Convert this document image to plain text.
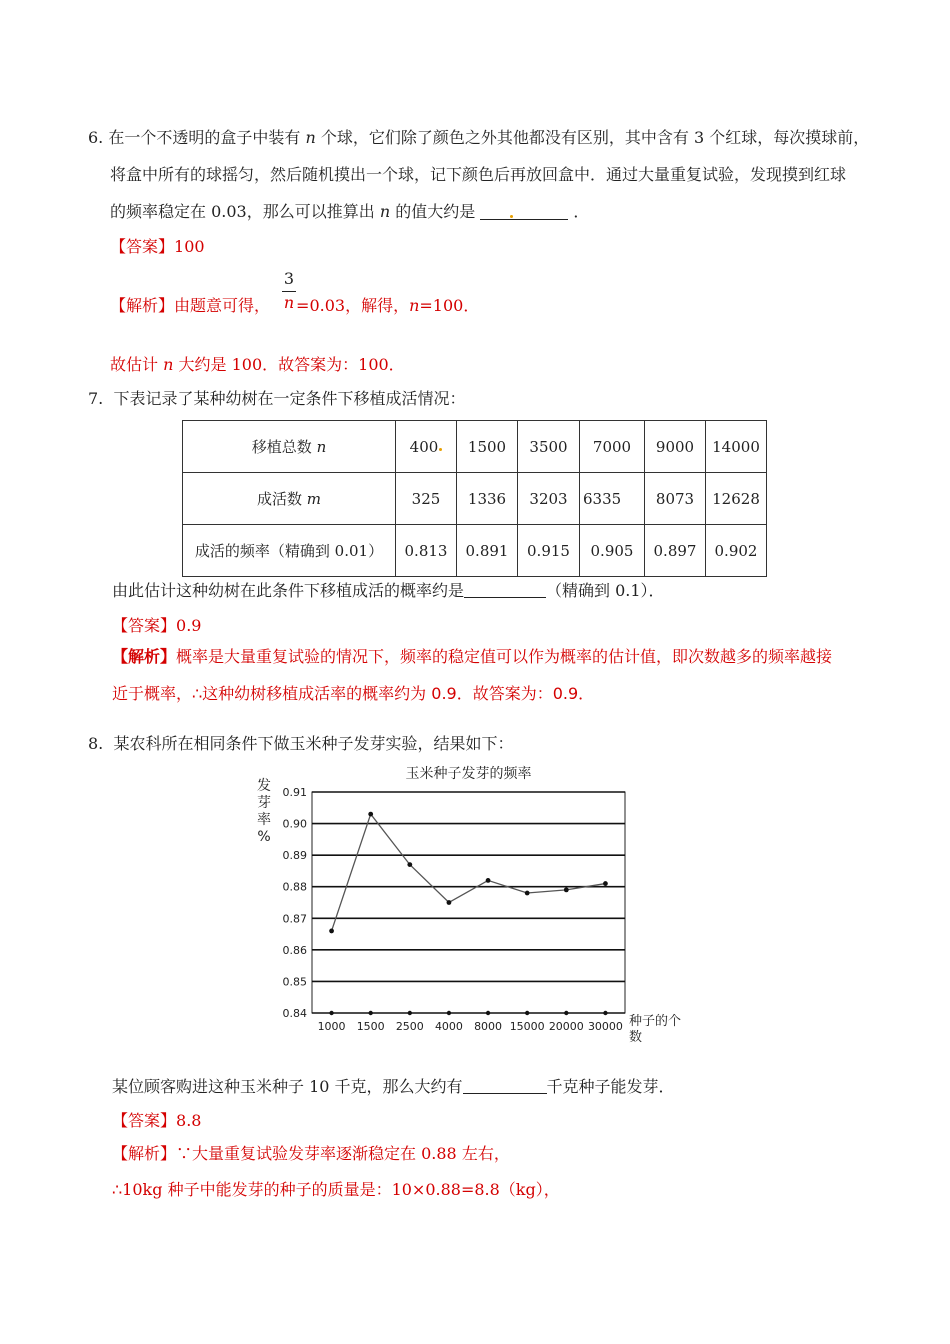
6. 在一个不透明的盒子中装有 n 个球，它们除了颜色之外其他都没有区别，其中含有 3 个红球，每次摸球前，
将盒中所有的球摇匀，然后随机摸出一个球，记下颜色后再放回盒中．通过大量重复试验，发现摸到红球
的频率稳定在 0.03，那么可以推算出 n 的值大约是	．
【答案】100
3
n
【解析】由题意可得， =0.03，解得，n=100．
故估计 n 大约是 100．故答案为：100．
7. 下表记录了某种幼树在一定条件下移植成活情况：
移植总数 n	400	1500	3500	7000	9000	14000
成活数 m	325	1336	3203	6335	8073	12628
成活的频率（精确到 0.01）	0.813	0.891	0.915	0.905	0.897	0.902
由此估计这种幼树在此条件下移植成活的概率约是	（精确到 0.1）．
【答案】0.9
【解析】概率是大量重复试验的情况下，频率的稳定值可以作为概率的估计值，即次数越多的频率越接
近于概率，∴这种幼树移植成活率的概率约为 0.9．故答案为：0.9．
8. 某农科所在相同条件下做玉米种子发芽实验，结果如下：
玉米种子发芽的频率
发
芽
率
%
0.84
0.85
0.86
0.87
0.88
0.89
0.90
0.91
1000 1500 2500 4000 8000 15000 20000 30000 种子的个
数
某位顾客购进这种玉米种子 10 千克，那么大约有	千克种子能发芽．
【答案】8.8
【解析】∵大量重复试验发芽率逐渐稳定在 0.88 左右，
∴10kg 种子中能发芽的种子的质量是：10×0.88=8.8（kg），
